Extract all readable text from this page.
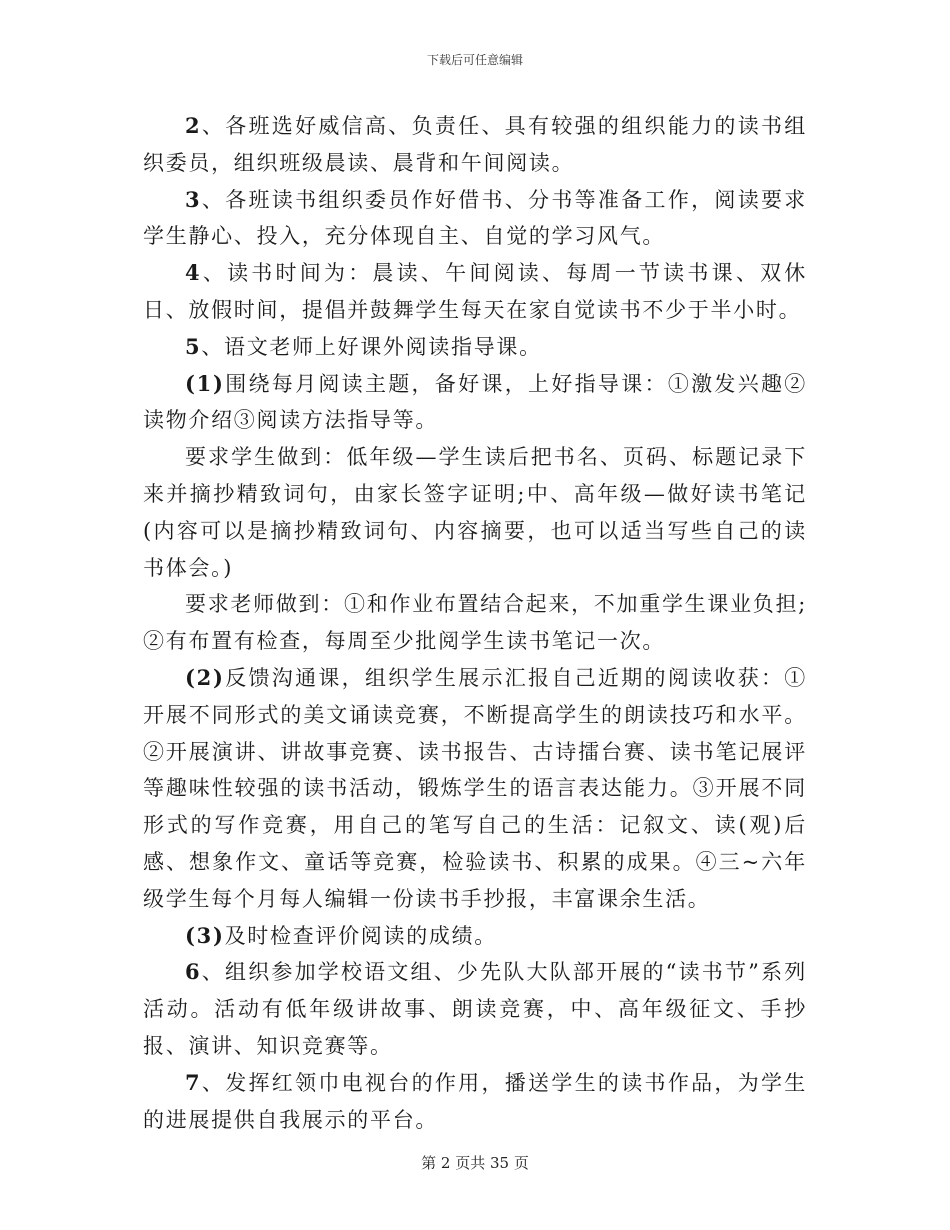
下载后可任意编辑

2、各班选好威信高、负责任、具有较强的组织能力的读书组织委员，组织班级晨读、晨背和午间阅读。

3、各班读书组织委员作好借书、分书等准备工作，阅读要求学生静心、投入，充分体现自主、自觉的学习风气。

4、读书时间为：晨读、午间阅读、每周一节读书课、双休日、放假时间，提倡并鼓舞学生每天在家自觉读书不少于半小时。

5、语文老师上好课外阅读指导课。

(1)围绕每月阅读主题，备好课，上好指导课：①激发兴趣②读物介绍③阅读方法指导等。

要求学生做到：低年级—学生读后把书名、页码、标题记录下来并摘抄精致词句，由家长签字证明;中、高年级—做好读书笔记(内容可以是摘抄精致词句、内容摘要，也可以适当写些自己的读书体会。)

要求老师做到：①和作业布置结合起来，不加重学生课业负担;②有布置有检查，每周至少批阅学生读书笔记一次。

(2)反馈沟通课，组织学生展示汇报自己近期的阅读收获：①开展不同形式的美文诵读竞赛，不断提高学生的朗读技巧和水平。②开展演讲、讲故事竞赛、读书报告、古诗擂台赛、读书笔记展评等趣味性较强的读书活动，锻炼学生的语言表达能力。③开展不同形式的写作竞赛，用自己的笔写自己的生活：记叙文、读(观)后感、想象作文、童话等竞赛，检验读书、积累的成果。④三~六年级学生每个月每人编辑一份读书手抄报，丰富课余生活。

(3)及时检查评价阅读的成绩。

6、组织参加学校语文组、少先队大队部开展的“读书节”系列活动。活动有低年级讲故事、朗读竞赛，中、高年级征文、手抄报、演讲、知识竞赛等。

7、发挥红领巾电视台的作用，播送学生的读书作品，为学生的进展提供自我展示的平台。

第 2 页共 35 页
